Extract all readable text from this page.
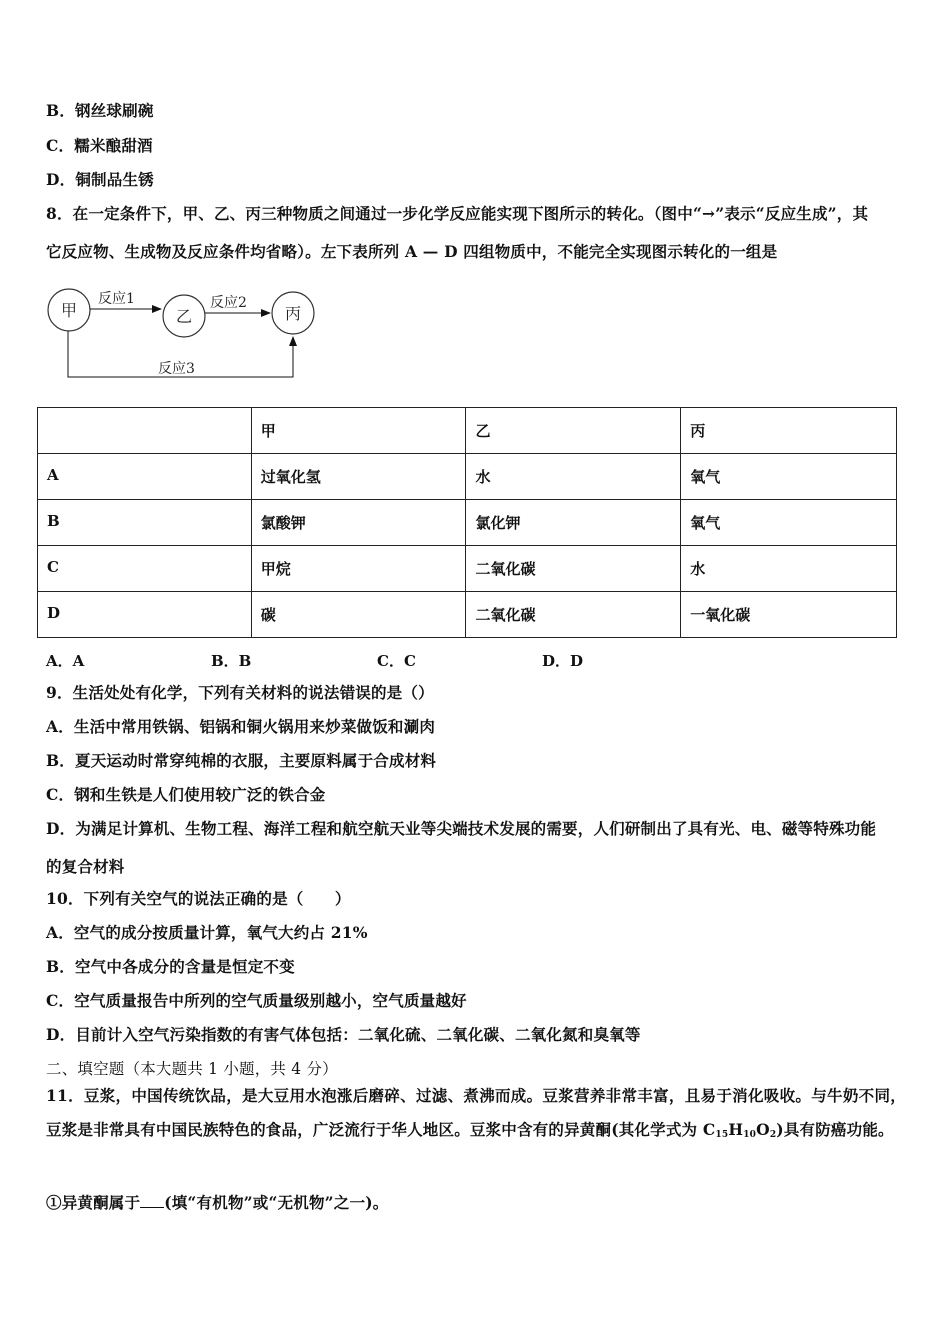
B．钢丝球刷碗
C．糯米酿甜酒
D．铜制品生锈
8．在一定条件下，甲、乙、丙三种物质之间通过一步化学反应能实现下图所示的转化。（图中“→”表示“反应生成”，其
它反应物、生成物及反应条件均省略）。左下表所列 A — D 四组物质中，不能完全实现图示转化的一组是
甲	乙	丙
反应1	反应2
反应3
	甲	乙	丙
A	过氧化氢	水	氧气
B	氯酸钾	氯化钾	氧气
C	甲烷	二氧化碳	水
D	碳	二氧化碳	一氧化碳
A．A	B．B	C．C	D．D
9．生活处处有化学，下列有关材料的说法错误的是（）
A．生活中常用铁锅、铝锅和铜火锅用来炒菜做饭和涮肉
B．夏天运动时常穿纯棉的衣服，主要原料属于合成材料
C．钢和生铁是人们使用较广泛的铁合金
D．为满足计算机、生物工程、海洋工程和航空航天业等尖端技术发展的需要，人们研制出了具有光、电、磁等特殊功能
的复合材料
10．下列有关空气的说法正确的是（　　）
A．空气的成分按质量计算，氧气大约占 21%
B．空气中各成分的含量是恒定不变
C．空气质量报告中所列的空气质量级别越小，空气质量越好
D．目前计入空气污染指数的有害气体包括：二氧化硫、二氧化碳、二氧化氮和臭氧等
二、填空题（本大题共 1 小题，共 4 分）
11．豆浆，中国传统饮品，是大豆用水泡涨后磨碎、过滤、煮沸而成。豆浆营养非常丰富，且易于消化吸收。与牛奶不同，豆浆是非常具有中国民族特色的食品，广泛流行于华人地区。豆浆中含有的异黄酮(其化学式为 $C_{15}H_{10}O_2$)具有防癌功能。
①异黄酮属于 (填“有机物”或“无机物”之一)。
